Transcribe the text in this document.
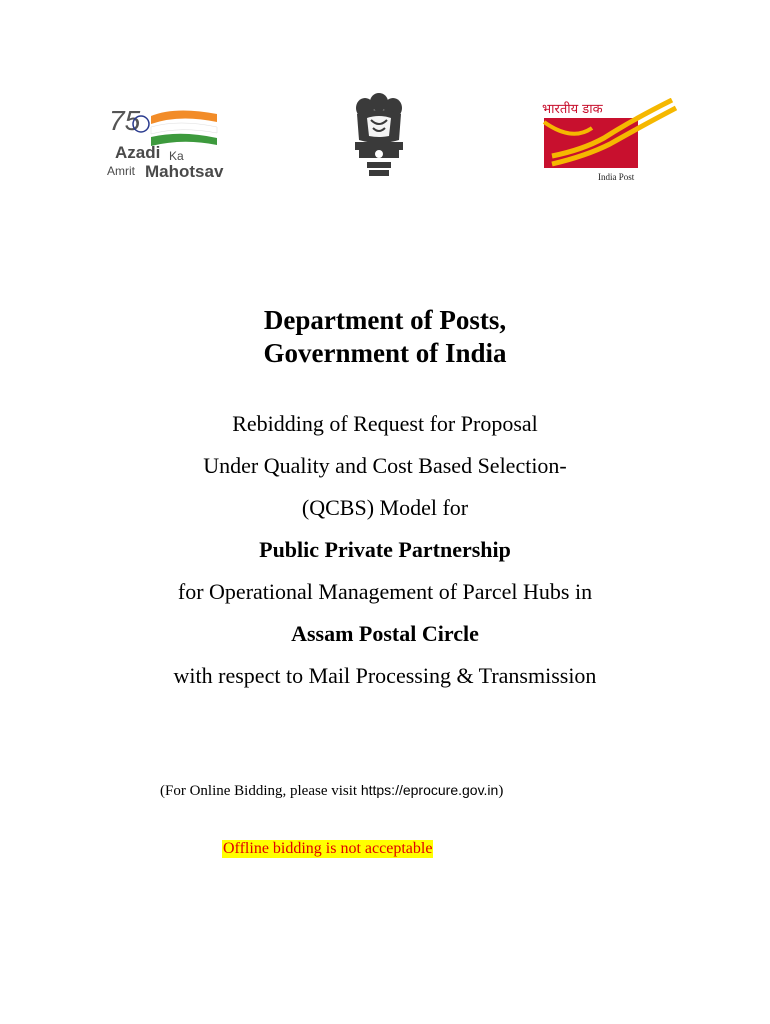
75
Azadi Ka
Amrit Mahotsav
भारतीय डाक
India Post
Department of Posts,
Government of India
Rebidding of Request for Proposal
Under Quality and Cost Based Selection-
(QCBS) Model for
Public Private Partnership
for Operational Management of Parcel Hubs in
Assam Postal Circle
with respect to Mail Processing & Transmission
(For Online Bidding, please visit https://eprocure.gov.in)
Offline bidding is not acceptable
